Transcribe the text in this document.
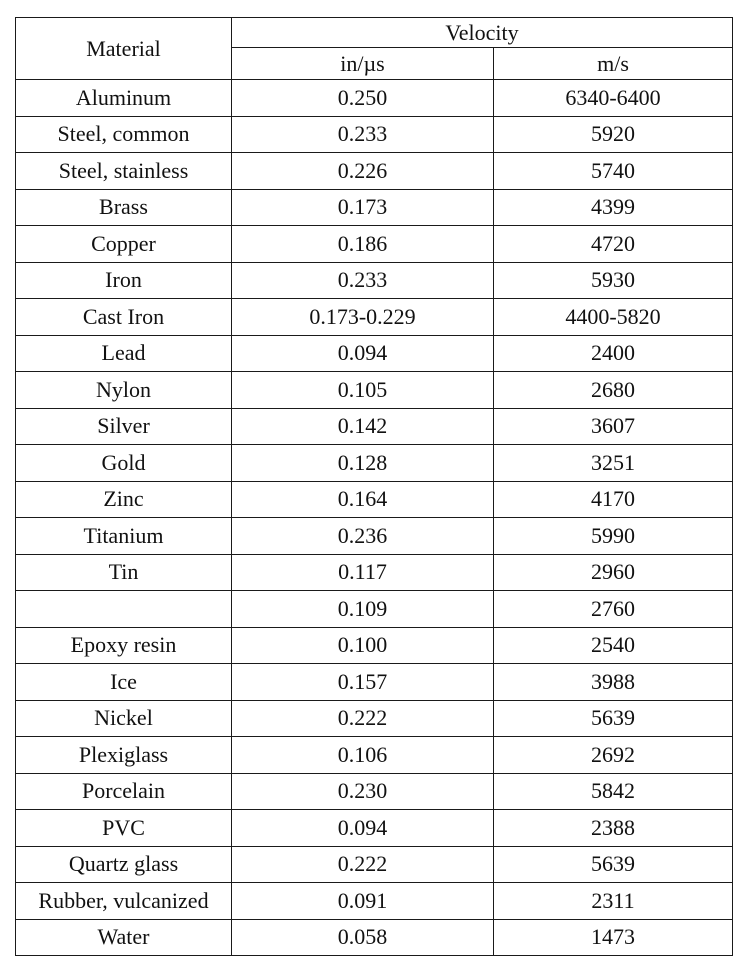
Material	Velocity	
	in/µs	m/s
Aluminum	0.250	6340-6400
Steel, common	0.233	5920
Steel, stainless	0.226	5740
Brass	0.173	4399
Copper	0.186	4720
Iron	0.233	5930
Cast Iron	0.173-0.229	4400-5820
Lead	0.094	2400
Nylon	0.105	2680
Silver	0.142	3607
Gold	0.128	3251
Zinc	0.164	4170
Titanium	0.236	5990
Tin	0.117	2960
	0.109	2760
Epoxy resin	0.100	2540
Ice	0.157	3988
Nickel	0.222	5639
Plexiglass	0.106	2692
Porcelain	0.230	5842
PVC	0.094	2388
Quartz glass	0.222	5639
Rubber, vulcanized	0.091	2311
Water	0.058	1473
